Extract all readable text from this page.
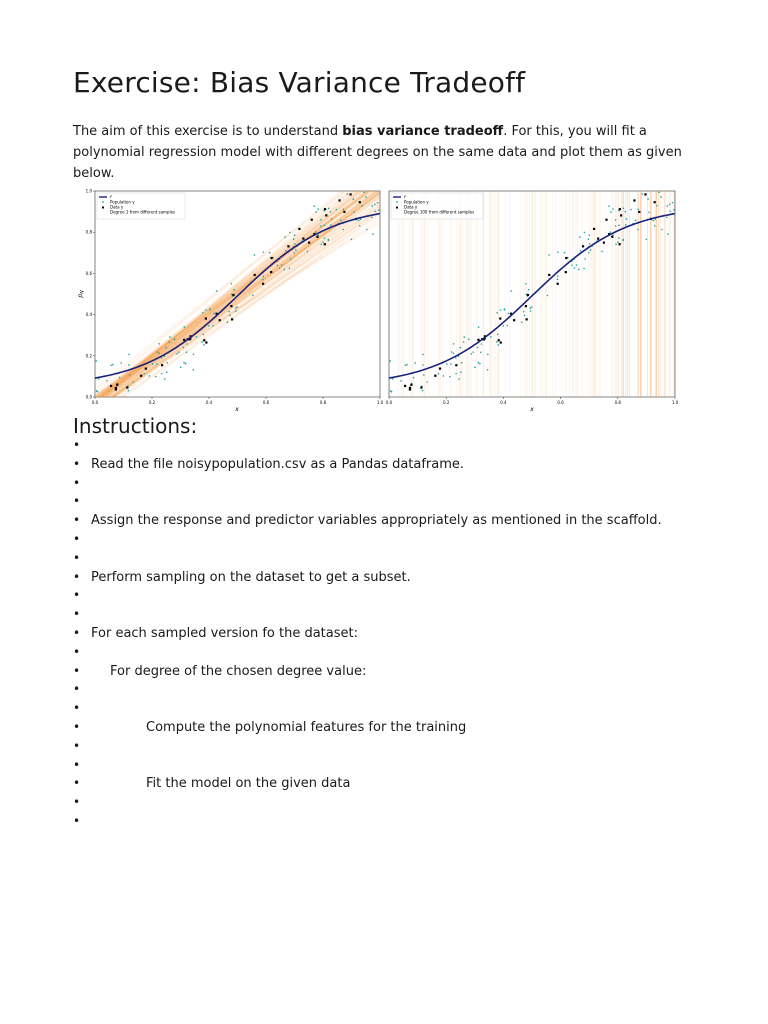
Exercise: Bias Variance Tradeoff

The aim of this exercise is to understand bias variance tradeoff. For this, you will fit a polynomial regression model with different degrees on the same data and plot them as given below.

0.0	0.2	0.4	0.6	0.8	1.0
0.0
0.2
0.4
0.6
0.8
1.0
$p_N$
x
f
Population y
Data y
Degree 1 from different samples
0.0	0.2	0.4	0.6	0.8	1.0
x
f
Population y
Data y
Degree 100 from different samples
Instructions:
•
• Read the file noisypopulation.csv as a Pandas dataframe.
•
•
• Assign the response and predictor variables appropriately as mentioned in the scaffold.
•
•
• Perform sampling on the dataset to get a subset.
•
•
• For each sampled version fo the dataset:
•
• For degree of the chosen degree value:
•
•
•	Compute the polynomial features for the training
•
•
•	Fit the model on the given data
•
•
